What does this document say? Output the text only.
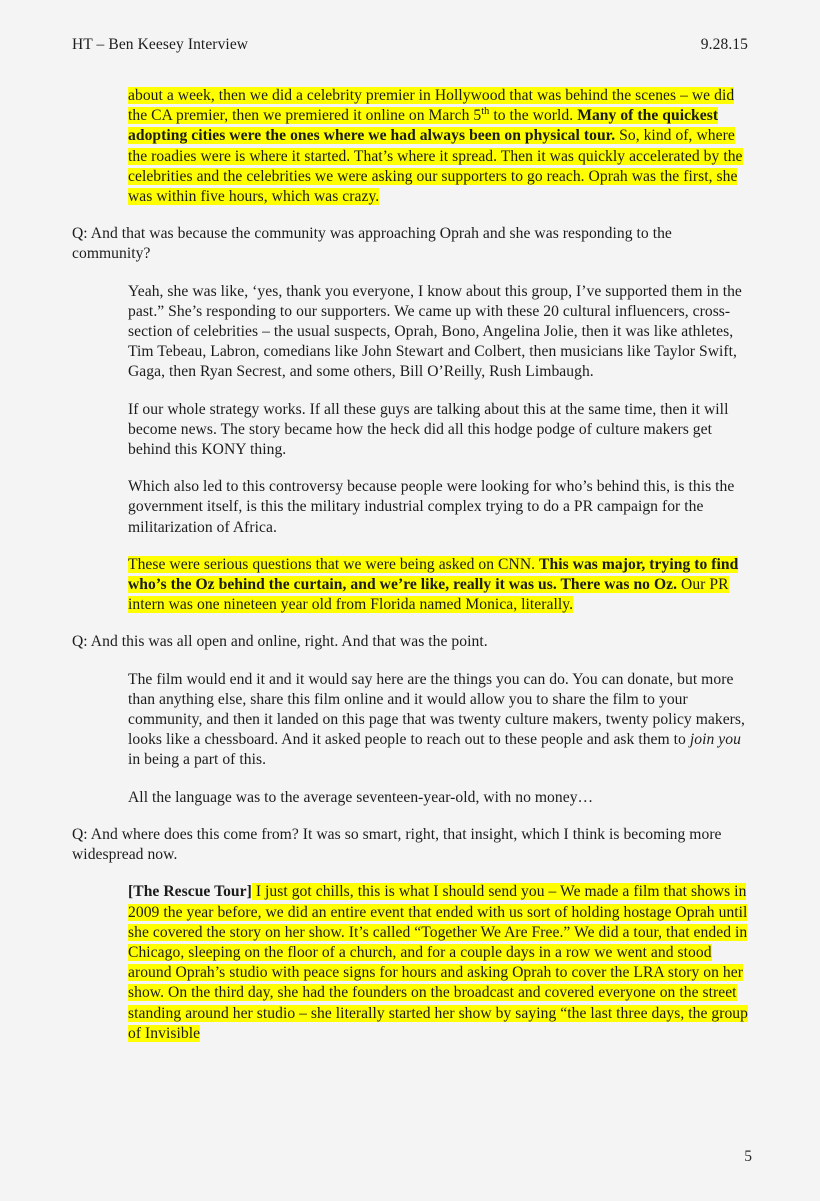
HT – Ben Keesey Interview	9.28.15

about a week, then we did a celebrity premier in Hollywood that was behind the scenes – we did the CA premier, then we premiered it online on March 5th to the world. Many of the quickest adopting cities were the ones where we had always been on physical tour. So, kind of, where the roadies were is where it started. That’s where it spread. Then it was quickly accelerated by the celebrities and the celebrities we were asking our supporters to go reach. Oprah was the first, she was within five hours, which was crazy.

Q: And that was because the community was approaching Oprah and she was responding to the community?

Yeah, she was like, ‘yes, thank you everyone, I know about this group, I’ve supported them in the past.” She’s responding to our supporters. We came up with these 20 cultural influencers, cross-section of celebrities – the usual suspects, Oprah, Bono, Angelina Jolie, then it was like athletes, Tim Tebeau, Labron, comedians like John Stewart and Colbert, then musicians like Taylor Swift, Gaga, then Ryan Secrest, and some others, Bill O’Reilly, Rush Limbaugh.

If our whole strategy works. If all these guys are talking about this at the same time, then it will become news. The story became how the heck did all this hodge podge of culture makers get behind this KONY thing.

Which also led to this controversy because people were looking for who’s behind this, is this the government itself, is this the military industrial complex trying to do a PR campaign for the militarization of Africa.

These were serious questions that we were being asked on CNN. This was major, trying to find who’s the Oz behind the curtain, and we’re like, really it was us. There was no Oz. Our PR intern was one nineteen year old from Florida named Monica, literally.

Q: And this was all open and online, right. And that was the point.

The film would end it and it would say here are the things you can do. You can donate, but more than anything else, share this film online and it would allow you to share the film to your community, and then it landed on this page that was twenty culture makers, twenty policy makers, looks like a chessboard. And it asked people to reach out to these people and ask them to join you in being a part of this.

All the language was to the average seventeen-year-old, with no money…

Q: And where does this come from? It was so smart, right, that insight, which I think is becoming more widespread now.

[The Rescue Tour] I just got chills, this is what I should send you – We made a film that shows in 2009 the year before, we did an entire event that ended with us sort of holding hostage Oprah until she covered the story on her show. It’s called “Together We Are Free.” We did a tour, that ended in Chicago, sleeping on the floor of a church, and for a couple days in a row we went and stood around Oprah’s studio with peace signs for hours and asking Oprah to cover the LRA story on her show. On the third day, she had the founders on the broadcast and covered everyone on the street standing around her studio – she literally started her show by saying “the last three days, the group of Invisible

5
